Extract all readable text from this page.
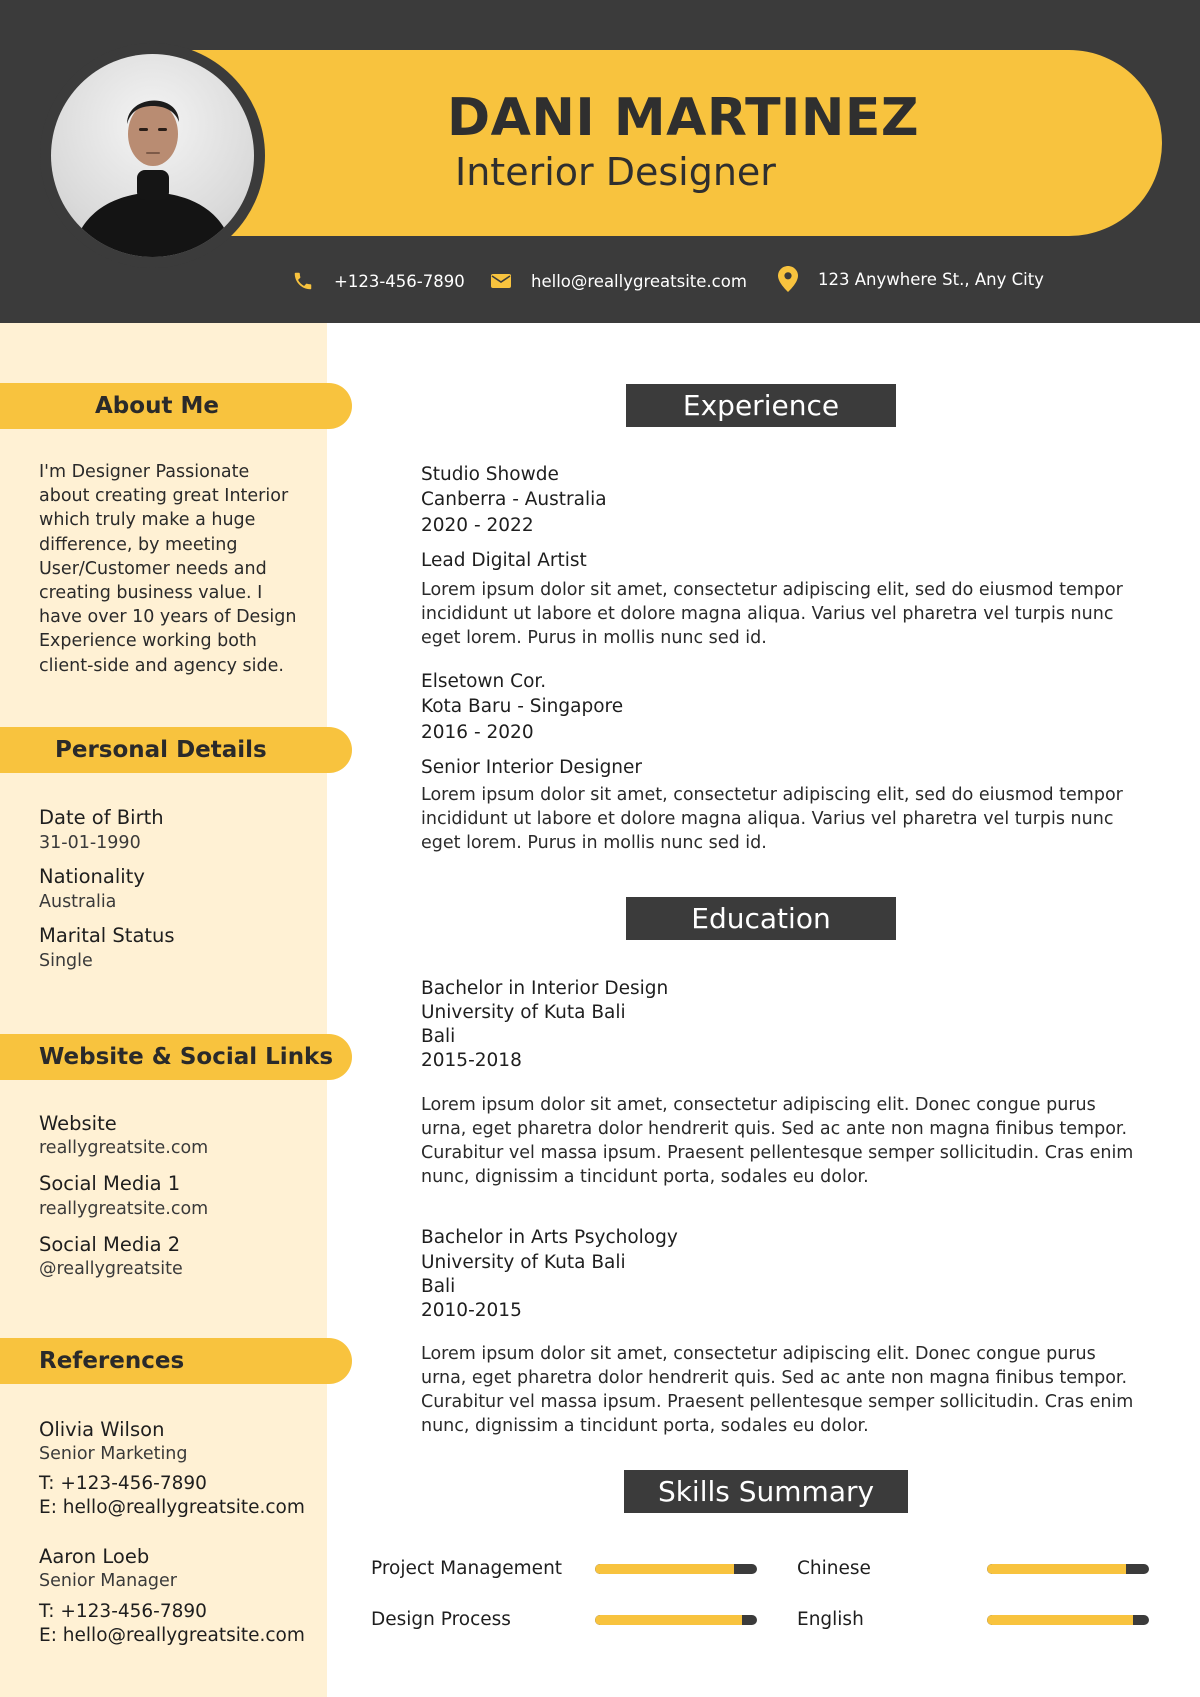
DANI MARTINEZ
Interior Designer
+123-456-7890	hello@reallygreatsite.com	123 Anywhere St., Any City
About Me
I'm Designer Passionate about creating great Interior which truly make a huge difference, by meeting User/Customer needs and creating business value. I have over 10 years of Design Experience working both client-side and agency side.
Personal Details
Date of Birth
31-01-1990
Nationality
Australia
Marital Status
Single
Website & Social Links
Website
reallygreatsite.com
Social Media 1
reallygreatsite.com
Social Media 2
@reallygreatsite
References
Olivia Wilson
Senior Marketing
T: +123-456-7890
E: hello@reallygreatsite.com
Aaron Loeb
Senior Manager
T: +123-456-7890
E: hello@reallygreatsite.com
Experience
Studio Showde
Canberra - Australia
2020 - 2022
Lead Digital Artist
Lorem ipsum dolor sit amet, consectetur adipiscing elit, sed do eiusmod tempor incididunt ut labore et dolore magna aliqua. Varius vel pharetra vel turpis nunc eget lorem. Purus in mollis nunc sed id.
Elsetown Cor.
Kota Baru - Singapore
2016 - 2020
Senior Interior Designer
Lorem ipsum dolor sit amet, consectetur adipiscing elit, sed do eiusmod tempor incididunt ut labore et dolore magna aliqua. Varius vel pharetra vel turpis nunc eget lorem. Purus in mollis nunc sed id.
Education
Bachelor in Interior Design
University of Kuta Bali
Bali
2015-2018
Lorem ipsum dolor sit amet, consectetur adipiscing elit. Donec congue purus urna, eget pharetra dolor hendrerit quis. Sed ac ante non magna finibus tempor. Curabitur vel massa ipsum. Praesent pellentesque semper sollicitudin. Cras enim nunc, dignissim a tincidunt porta, sodales eu dolor.
Bachelor in Arts Psychology
University of Kuta Bali
Bali
2010-2015
Lorem ipsum dolor sit amet, consectetur adipiscing elit. Donec congue purus urna, eget pharetra dolor hendrerit quis. Sed ac ante non magna finibus tempor. Curabitur vel massa ipsum. Praesent pellentesque semper sollicitudin. Cras enim nunc, dignissim a tincidunt porta, sodales eu dolor.
Skills Summary
Project Management
Design Process
Chinese
English
